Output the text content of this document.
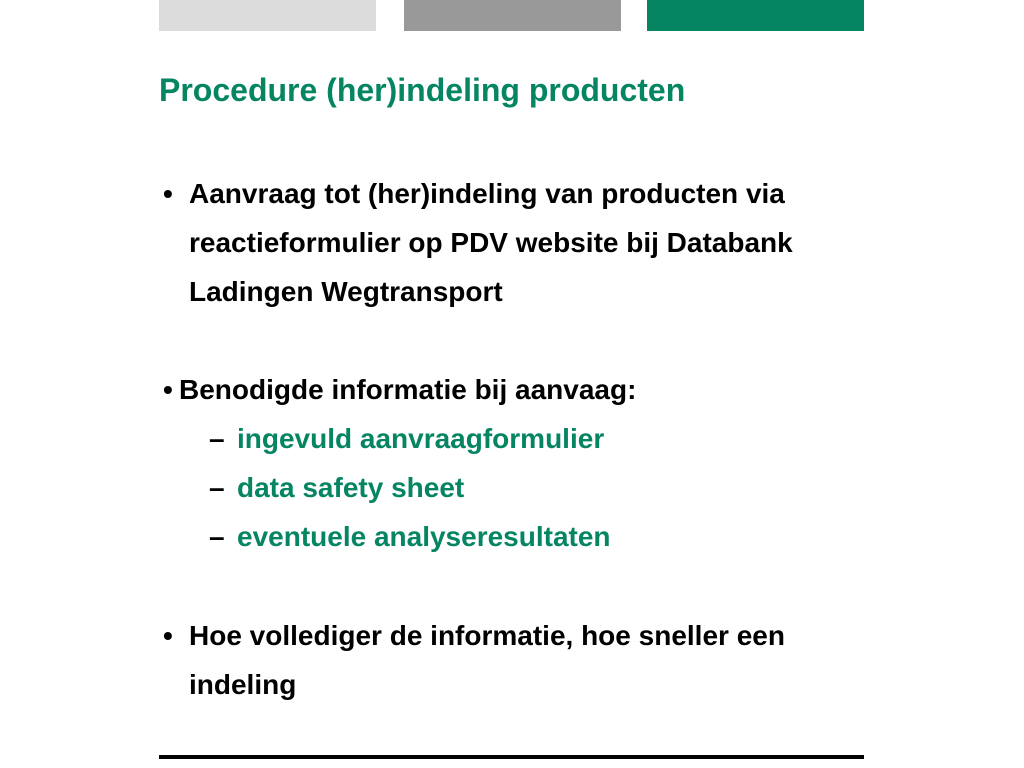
Procedure (her)indeling producten
• Aanvraag tot (her)indeling van producten via reactieformulier op PDV website bij Databank Ladingen Wegtransport
• Benodigde informatie bij aanvaag:
– ingevuld aanvraagformulier
– data safety sheet
– eventuele analyseresultaten
• Hoe vollediger de informatie, hoe sneller een indeling
